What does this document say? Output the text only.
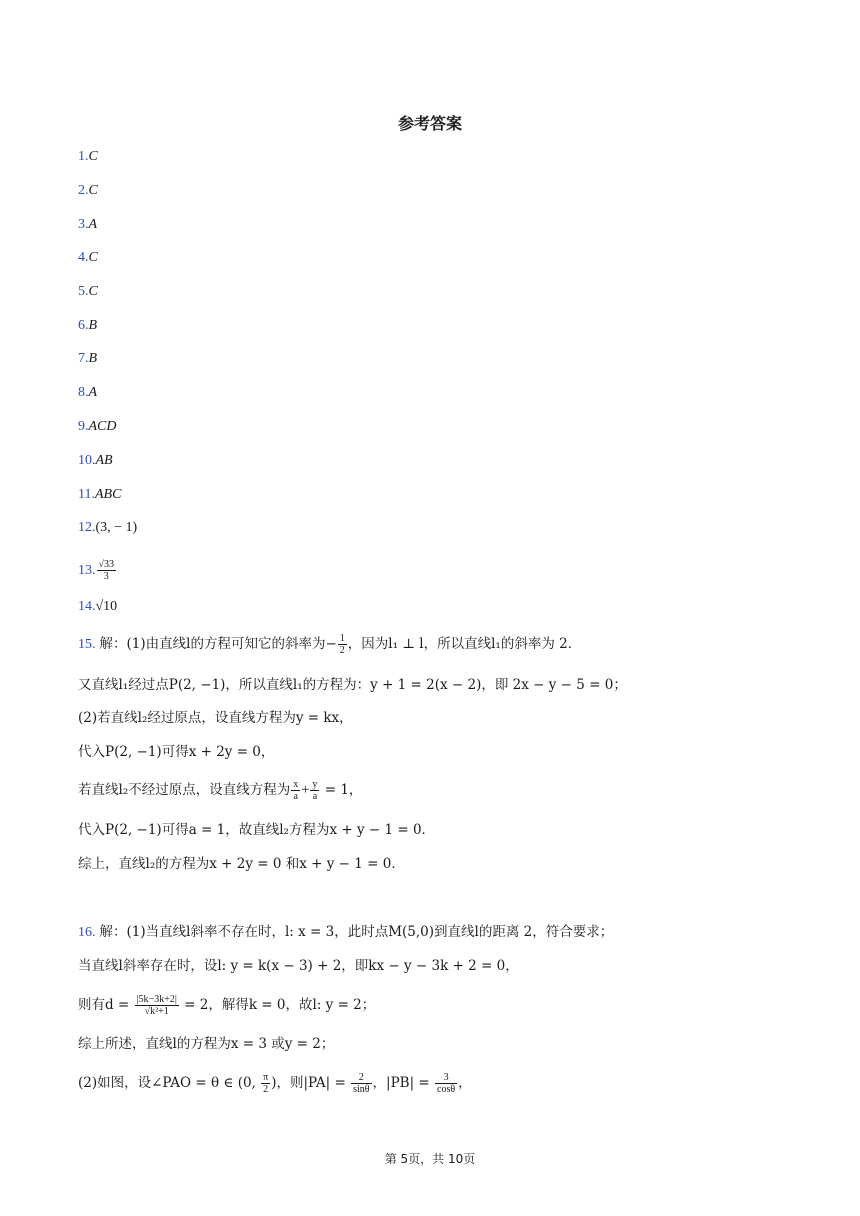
参考答案
1.C
2.C
3.A
4.C
5.C
6.B
7.B
8.A
9.ACD
10.AB
11.ABC
12.(3, − 1)
13. $\frac{√33}{3}$
14.√10
15. 解：(1)由直线l的方程可知它的斜率为− $\frac{1}{2}$ ，因为l₁ ⊥ l，所以直线l₁的斜率为 2．
又直线l₁经过点P(2, −1)，所以直线l₁的方程为：y + 1 = 2(x − 2)，即 2x − y − 5 = 0；
(2)若直线l₂经过原点，设直线方程为y = kx，
代入P(2, −1)可得x + 2y = 0，
若直线l₂不经过原点，设直线方程为 $\frac{x}{a} + \frac{y}{a} = 1$，
代入P(2, −1)可得a = 1，故直线l₂方程为x + y − 1 = 0．
综上，直线l₂的方程为x + 2y = 0 和x + y − 1 = 0．
16. 解：(1)当直线l斜率不存在时，l: x = 3，此时点M(5,0)到直线l的距离 2，符合要求；
当直线l斜率存在时，设l: y = k(x − 3) + 2，即kx − y − 3k + 2 = 0，
则有$d = \frac{|5k-3k+2|}{\text{√k²+1}} = 2$，解得k = 0，故l: y = 2；
综上所述，直线l的方程为x = 3 或y = 2；
(2)如图，设∠PAO = θ ∈ (0, $\frac{\pi}{2}$ )，则$|PA| = \frac{2}{\sin\theta}$ ，$|PB| = \frac{3}{\cos\theta}$ ，
第 5页，共 10页
